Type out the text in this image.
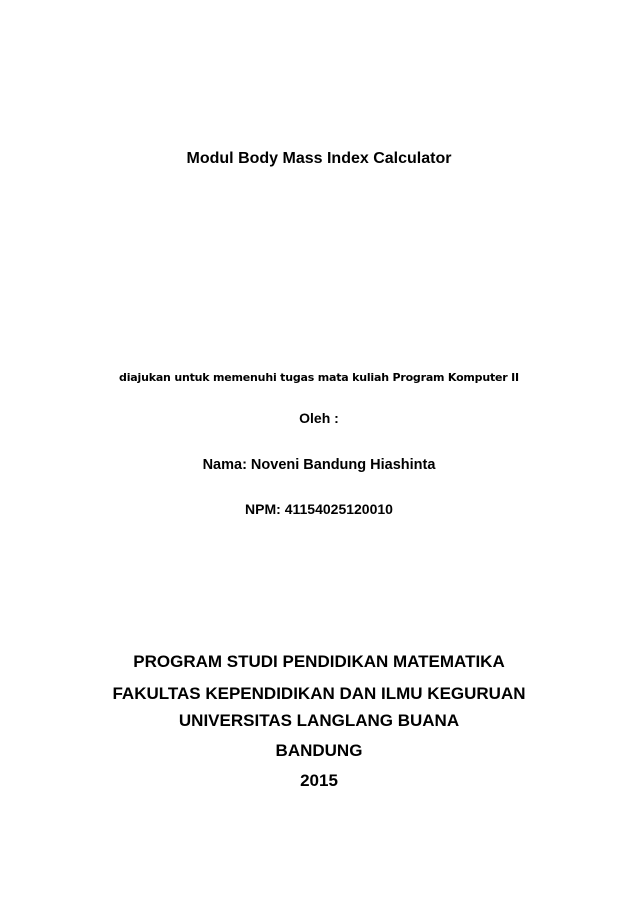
Modul Body Mass Index Calculator
diajukan untuk memenuhi tugas mata kuliah Program Komputer II
Oleh :
Nama: Noveni Bandung Hiashinta
NPM: 41154025120010
PROGRAM STUDI PENDIDIKAN MATEMATIKA
FAKULTAS KEPENDIDIKAN DAN ILMU KEGURUAN
UNIVERSITAS LANGLANG BUANA
BANDUNG
2015
